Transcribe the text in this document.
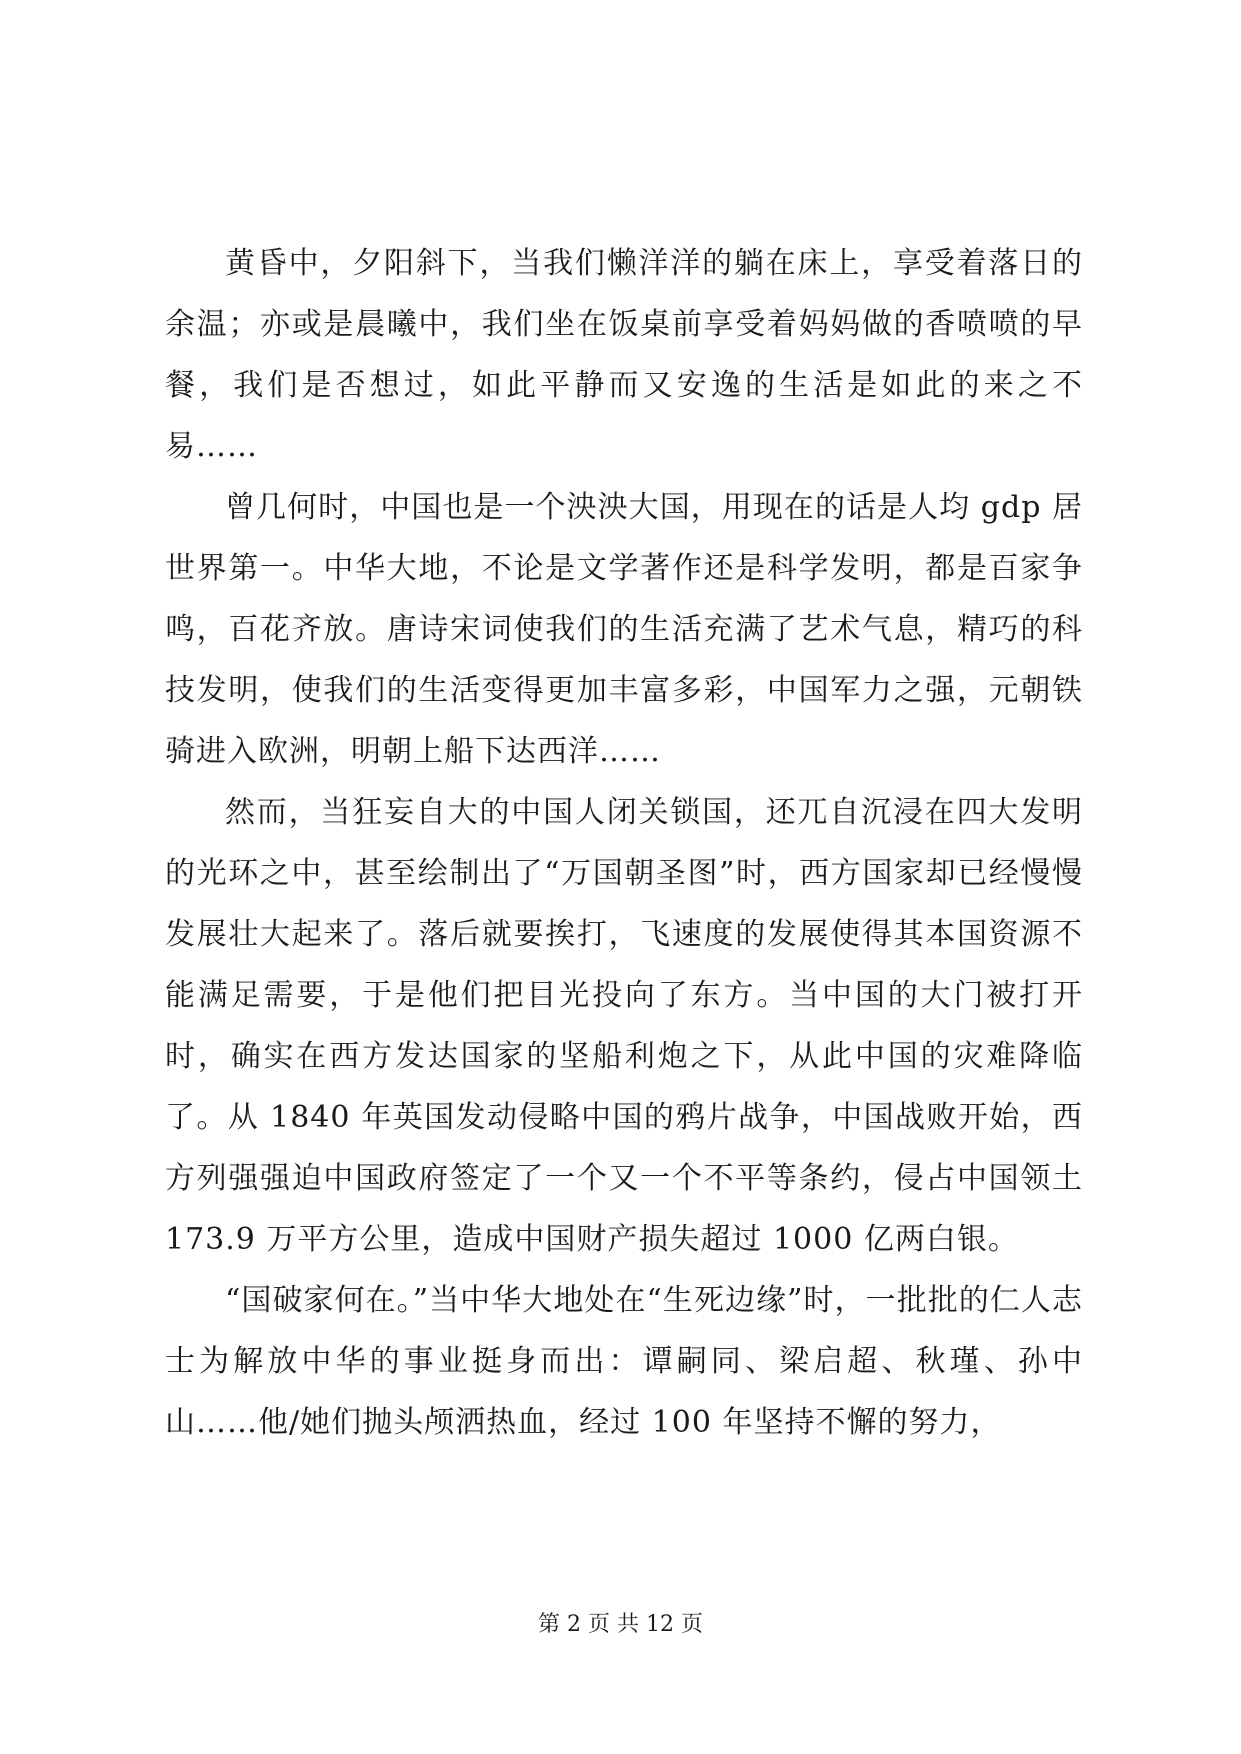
黄昏中，夕阳斜下，当我们懒洋洋的躺在床上，享受着落日的余温；亦或是晨曦中，我们坐在饭桌前享受着妈妈做的香喷喷的早餐，我们是否想过，如此平静而又安逸的生活是如此的来之不易……

曾几何时，中国也是一个泱泱大国，用现在的话是人均 gdp 居世界第一。中华大地，不论是文学著作还是科学发明，都是百家争鸣，百花齐放。唐诗宋词使我们的生活充满了艺术气息，精巧的科技发明，使我们的生活变得更加丰富多彩，中国军力之强，元朝铁骑进入欧洲，明朝上船下达西洋……

然而，当狂妄自大的中国人闭关锁国，还兀自沉浸在四大发明的光环之中，甚至绘制出了“万国朝圣图”时，西方国家却已经慢慢发展壮大起来了。落后就要挨打，飞速度的发展使得其本国资源不能满足需要，于是他们把目光投向了东方。当中国的大门被打开时，确实在西方发达国家的坚船利炮之下，从此中国的灾难降临了。从 1840 年英国发动侵略中国的鸦片战争，中国战败开始，西方列强强迫中国政府签定了一个又一个不平等条约，侵占中国领土 173.9 万平方公里，造成中国财产损失超过 1000 亿两白银。

“国破家何在。”当中华大地处在“生死边缘”时，一批批的仁人志士为解放中华的事业挺身而出：谭嗣同、梁启超、秋瑾、孙中山……他/她们抛头颅洒热血，经过 100 年坚持不懈的努力，

第 2 页 共 12 页
